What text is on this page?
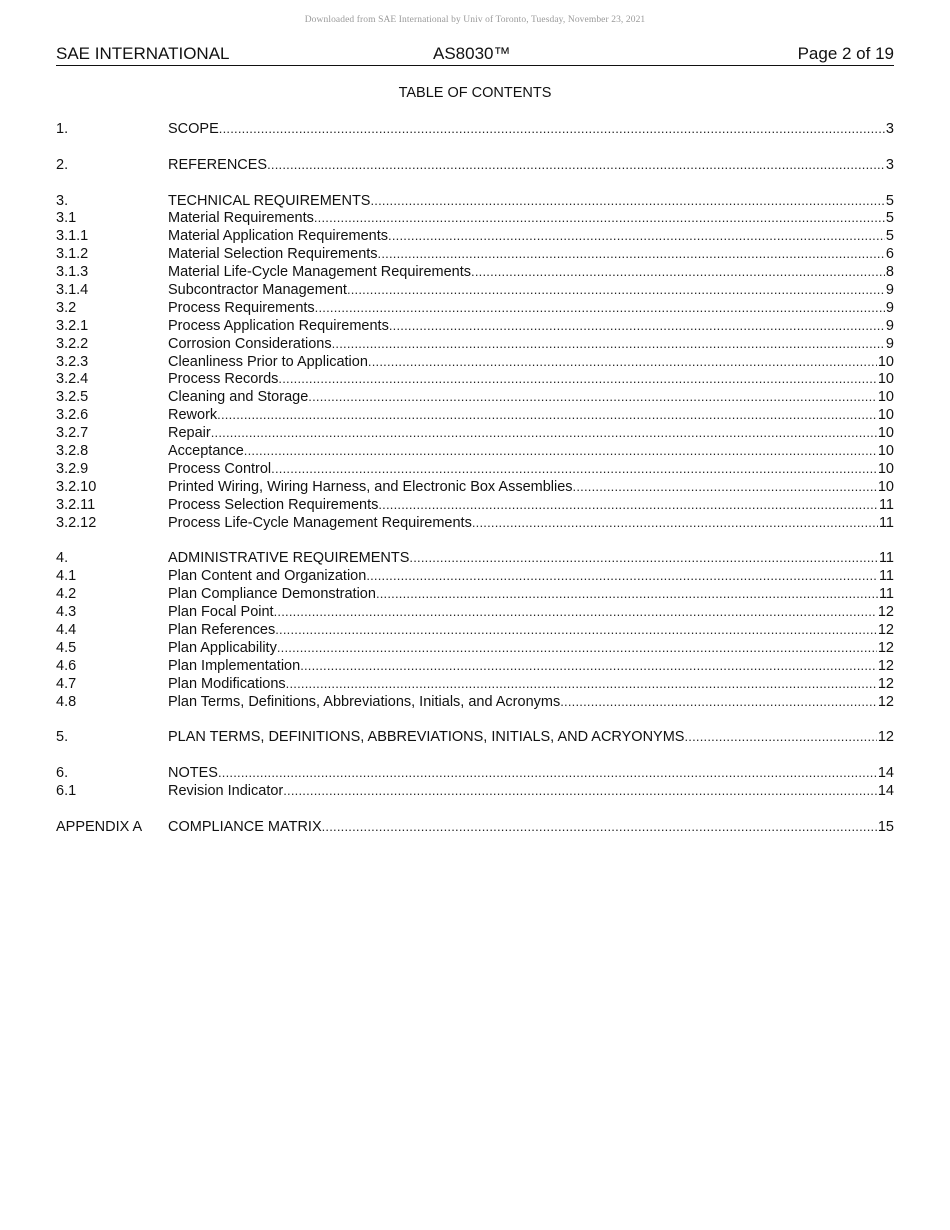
Downloaded from SAE International by Univ of Toronto, Tuesday, November 23, 2021
SAE INTERNATIONAL	AS8030™	Page 2 of 19
TABLE OF CONTENTS
1.	SCOPE .....	3
2.	REFERENCES .....	3
3.	TECHNICAL REQUIREMENTS .....	5
3.1	Material Requirements .....	5
3.1.1	Material Application Requirements .....	5
3.1.2	Material Selection Requirements .....	6
3.1.3	Material Life-Cycle Management Requirements .....	8
3.1.4	Subcontractor Management .....	9
3.2	Process Requirements .....	9
3.2.1	Process Application Requirements .....	9
3.2.2	Corrosion Considerations .....	9
3.2.3	Cleanliness Prior to Application .....	10
3.2.4	Process Records .....	10
3.2.5	Cleaning and Storage .....	10
3.2.6	Rework .....	10
3.2.7	Repair .....	10
3.2.8	Acceptance .....	10
3.2.9	Process Control .....	10
3.2.10	Printed Wiring, Wiring Harness, and Electronic Box Assemblies .....	10
3.2.11	Process Selection Requirements .....	11
3.2.12	Process Life-Cycle Management Requirements .....	11
4.	ADMINISTRATIVE REQUIREMENTS .....	11
4.1	Plan Content and Organization .....	11
4.2	Plan Compliance Demonstration .....	11
4.3	Plan Focal Point .....	12
4.4	Plan References .....	12
4.5	Plan Applicability .....	12
4.6	Plan Implementation .....	12
4.7	Plan Modifications .....	12
4.8	Plan Terms, Definitions, Abbreviations, Initials, and Acronyms .....	12
5.	PLAN TERMS, DEFINITIONS, ABBREVIATIONS, INITIALS, AND ACRYONYMS .....	12
6.	NOTES .....	14
6.1	Revision Indicator .....	14
APPENDIX A	COMPLIANCE MATRIX .....	15
